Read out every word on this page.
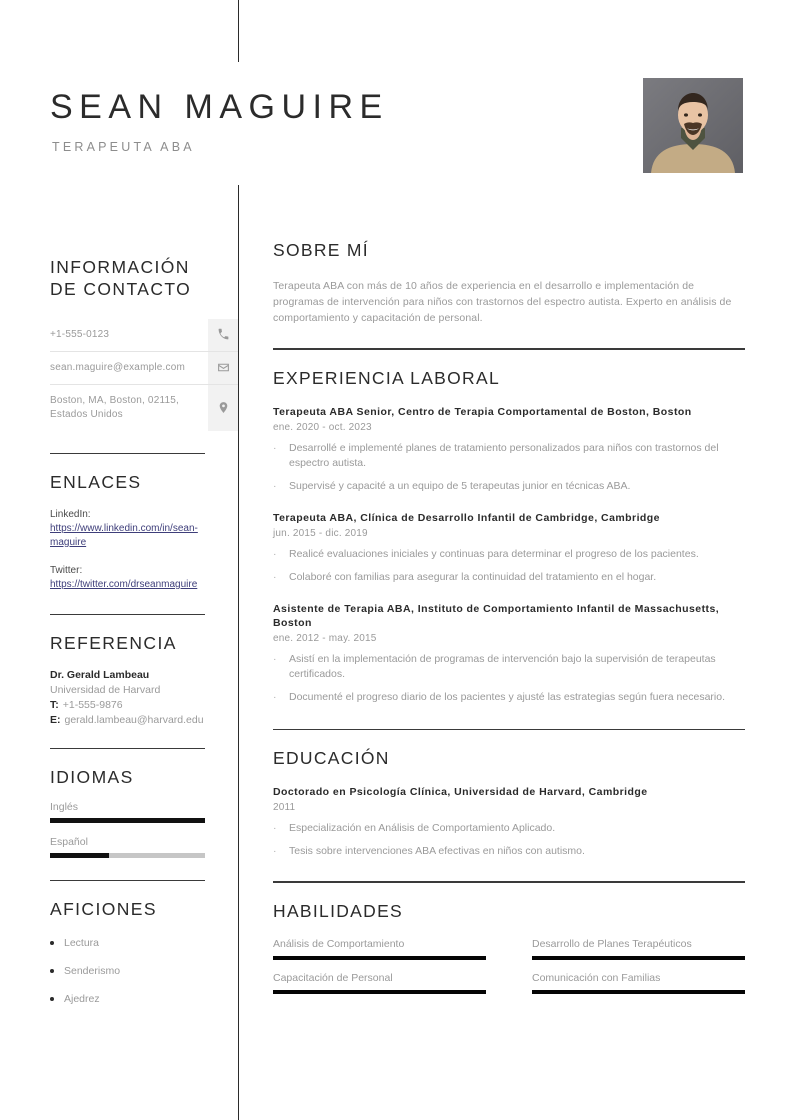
SEAN MAGUIRE
TERAPEUTA ABA
INFORMACIÓN
DE CONTACTO
+1-555-0123
sean.maguire@example.com
Boston, MA, Boston, 02115, Estados Unidos
ENLACES
LinkedIn:
https://www.linkedin.com/in/sean-maguire
Twitter:
https://twitter.com/drseanmaguire
REFERENCIA
Dr. Gerald Lambeau
Universidad de Harvard
T: +1-555-9876
E: gerald.lambeau@harvard.edu
IDIOMAS
Inglés
Español
AFICIONES
Lectura
Senderismo
Ajedrez
SOBRE MÍ
Terapeuta ABA con más de 10 años de experiencia en el desarrollo e implementación de programas de intervención para niños con trastornos del espectro autista. Experto en análisis de comportamiento y capacitación de personal.
EXPERIENCIA LABORAL
Terapeuta ABA Senior, Centro de Terapia Comportamental de Boston, Boston
ene. 2020 - oct. 2023
·	Desarrollé e implementé planes de tratamiento personalizados para niños con trastornos del espectro autista.
·	Supervisé y capacité a un equipo de 5 terapeutas junior en técnicas ABA.
Terapeuta ABA, Clínica de Desarrollo Infantil de Cambridge, Cambridge
jun. 2015 - dic. 2019
·	Realicé evaluaciones iniciales y continuas para determinar el progreso de los pacientes.
·	Colaboré con familias para asegurar la continuidad del tratamiento en el hogar.
Asistente de Terapia ABA, Instituto de Comportamiento Infantil de Massachusetts, Boston
ene. 2012 - may. 2015
·	Asistí en la implementación de programas de intervención bajo la supervisión de terapeutas certificados.
·	Documenté el progreso diario de los pacientes y ajusté las estrategias según fuera necesario.
EDUCACIÓN
Doctorado en Psicología Clínica, Universidad de Harvard, Cambridge
2011
·	Especialización en Análisis de Comportamiento Aplicado.
·	Tesis sobre intervenciones ABA efectivas en niños con autismo.
HABILIDADES
Análisis de Comportamiento	Desarrollo de Planes Terapéuticos
Capacitación de Personal	Comunicación con Familias
